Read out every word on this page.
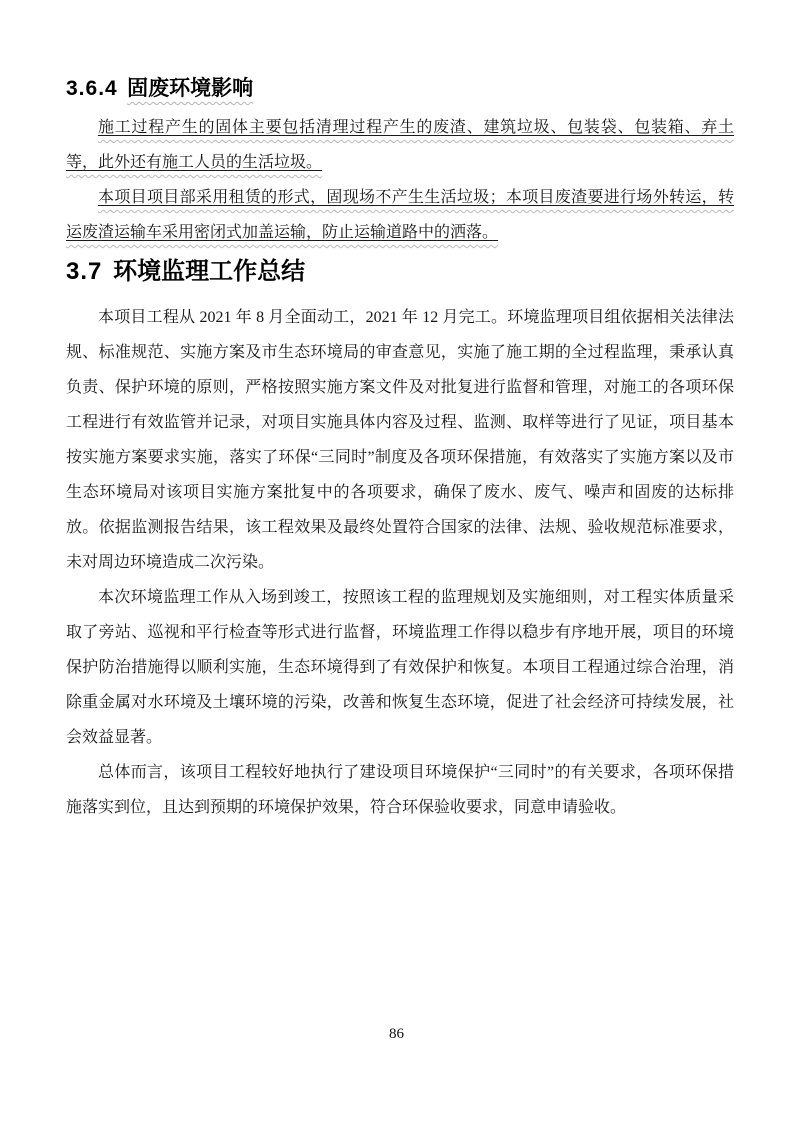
3.6.4 固废环境影响

施工过程产生的固体主要包括清理过程产生的废渣、建筑垃圾、包装袋、包装箱、弃土等，此外还有施工人员的生活垃圾。

本项目项目部采用租赁的形式，固现场不产生生活垃圾；本项目废渣要进行场外转运，转运废渣运输车采用密闭式加盖运输，防止运输道路中的洒落。

3.7 环境监理工作总结

本项目工程从 2021 年 8 月全面动工，2021 年 12 月完工。环境监理项目组依据相关法律法规、标准规范、实施方案及市生态环境局的审查意见，实施了施工期的全过程监理，秉承认真负责、保护环境的原则，严格按照实施方案文件及对批复进行监督和管理，对施工的各项环保工程进行有效监管并记录，对项目实施具体内容及过程、监测、取样等进行了见证，项目基本按实施方案要求实施，落实了环保“三同时”制度及各项环保措施，有效落实了实施方案以及市生态环境局对该项目实施方案批复中的各项要求，确保了废水、废气、噪声和固废的达标排放。依据监测报告结果，该工程效果及最终处置符合国家的法律、法规、验收规范标准要求，未对周边环境造成二次污染。

本次环境监理工作从入场到竣工，按照该工程的监理规划及实施细则，对工程实体质量采取了旁站、巡视和平行检查等形式进行监督，环境监理工作得以稳步有序地开展，项目的环境保护防治措施得以顺利实施，生态环境得到了有效保护和恢复。本项目工程通过综合治理，消除重金属对水环境及土壤环境的污染，改善和恢复生态环境，促进了社会经济可持续发展，社会效益显著。

总体而言，该项目工程较好地执行了建设项目环境保护“三同时”的有关要求，各项环保措施落实到位，且达到预期的环境保护效果，符合环保验收要求，同意申请验收。

86
